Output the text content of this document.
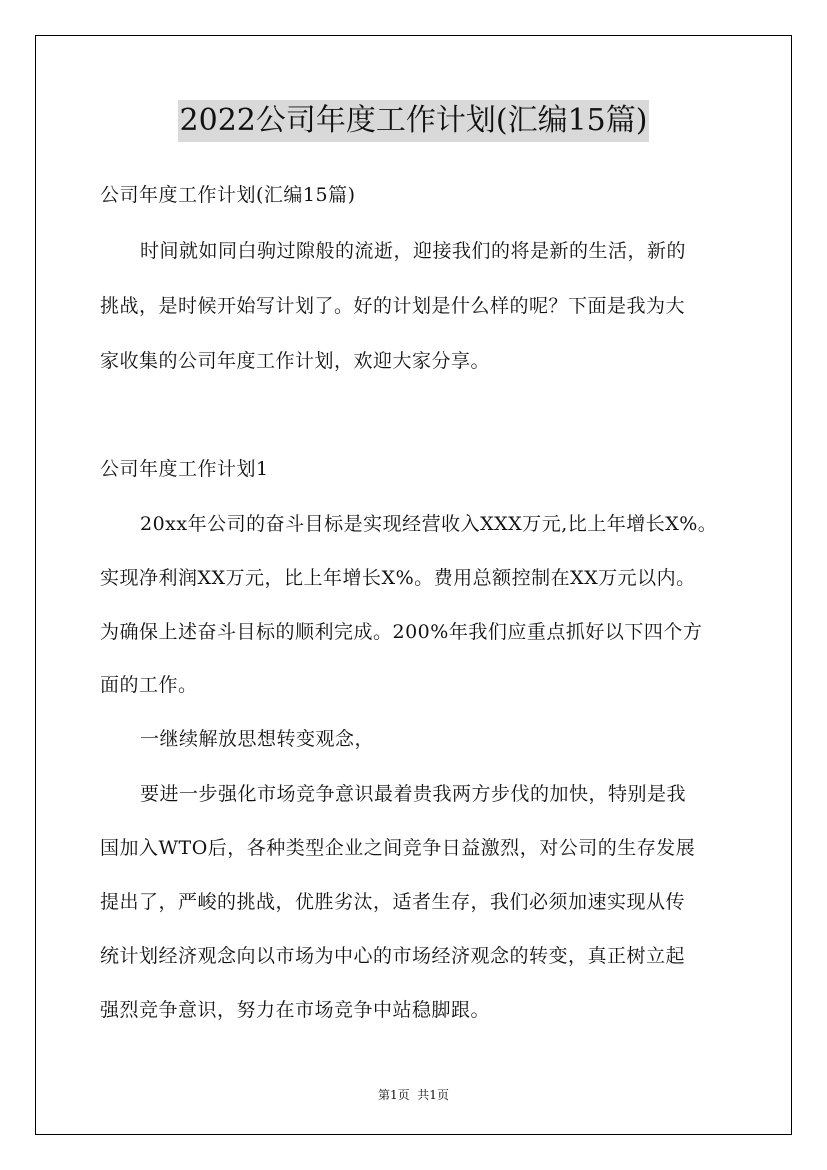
2022公司年度工作计划(汇编15篇)
公司年度工作计划(汇编15篇)
时间就如同白驹过隙般的流逝，迎接我们的将是新的生活，新的
挑战，是时候开始写计划了。好的计划是什么样的呢？下面是我为大
家收集的公司年度工作计划，欢迎大家分享。
公司年度工作计划1
20xx年公司的奋斗目标是实现经营收入XXX万元,比上年增长X%。
实现净利润XX万元，比上年增长X%。费用总额控制在XX万元以内。
为确保上述奋斗目标的顺利完成。200%年我们应重点抓好以下四个方
面的工作。
一继续解放思想转变观念，
要进一步强化市场竞争意识最着贵我两方步伐的加快，特别是我
国加入WTO后，各种类型企业之间竞争日益激烈，对公司的生存发展
提出了，严峻的挑战，优胜劣汰，适者生存，我们必须加速实现从传
统计划经济观念向以市场为中心的市场经济观念的转变，真正树立起
强烈竞争意识，努力在市场竞争中站稳脚跟。
第1页  共1页
